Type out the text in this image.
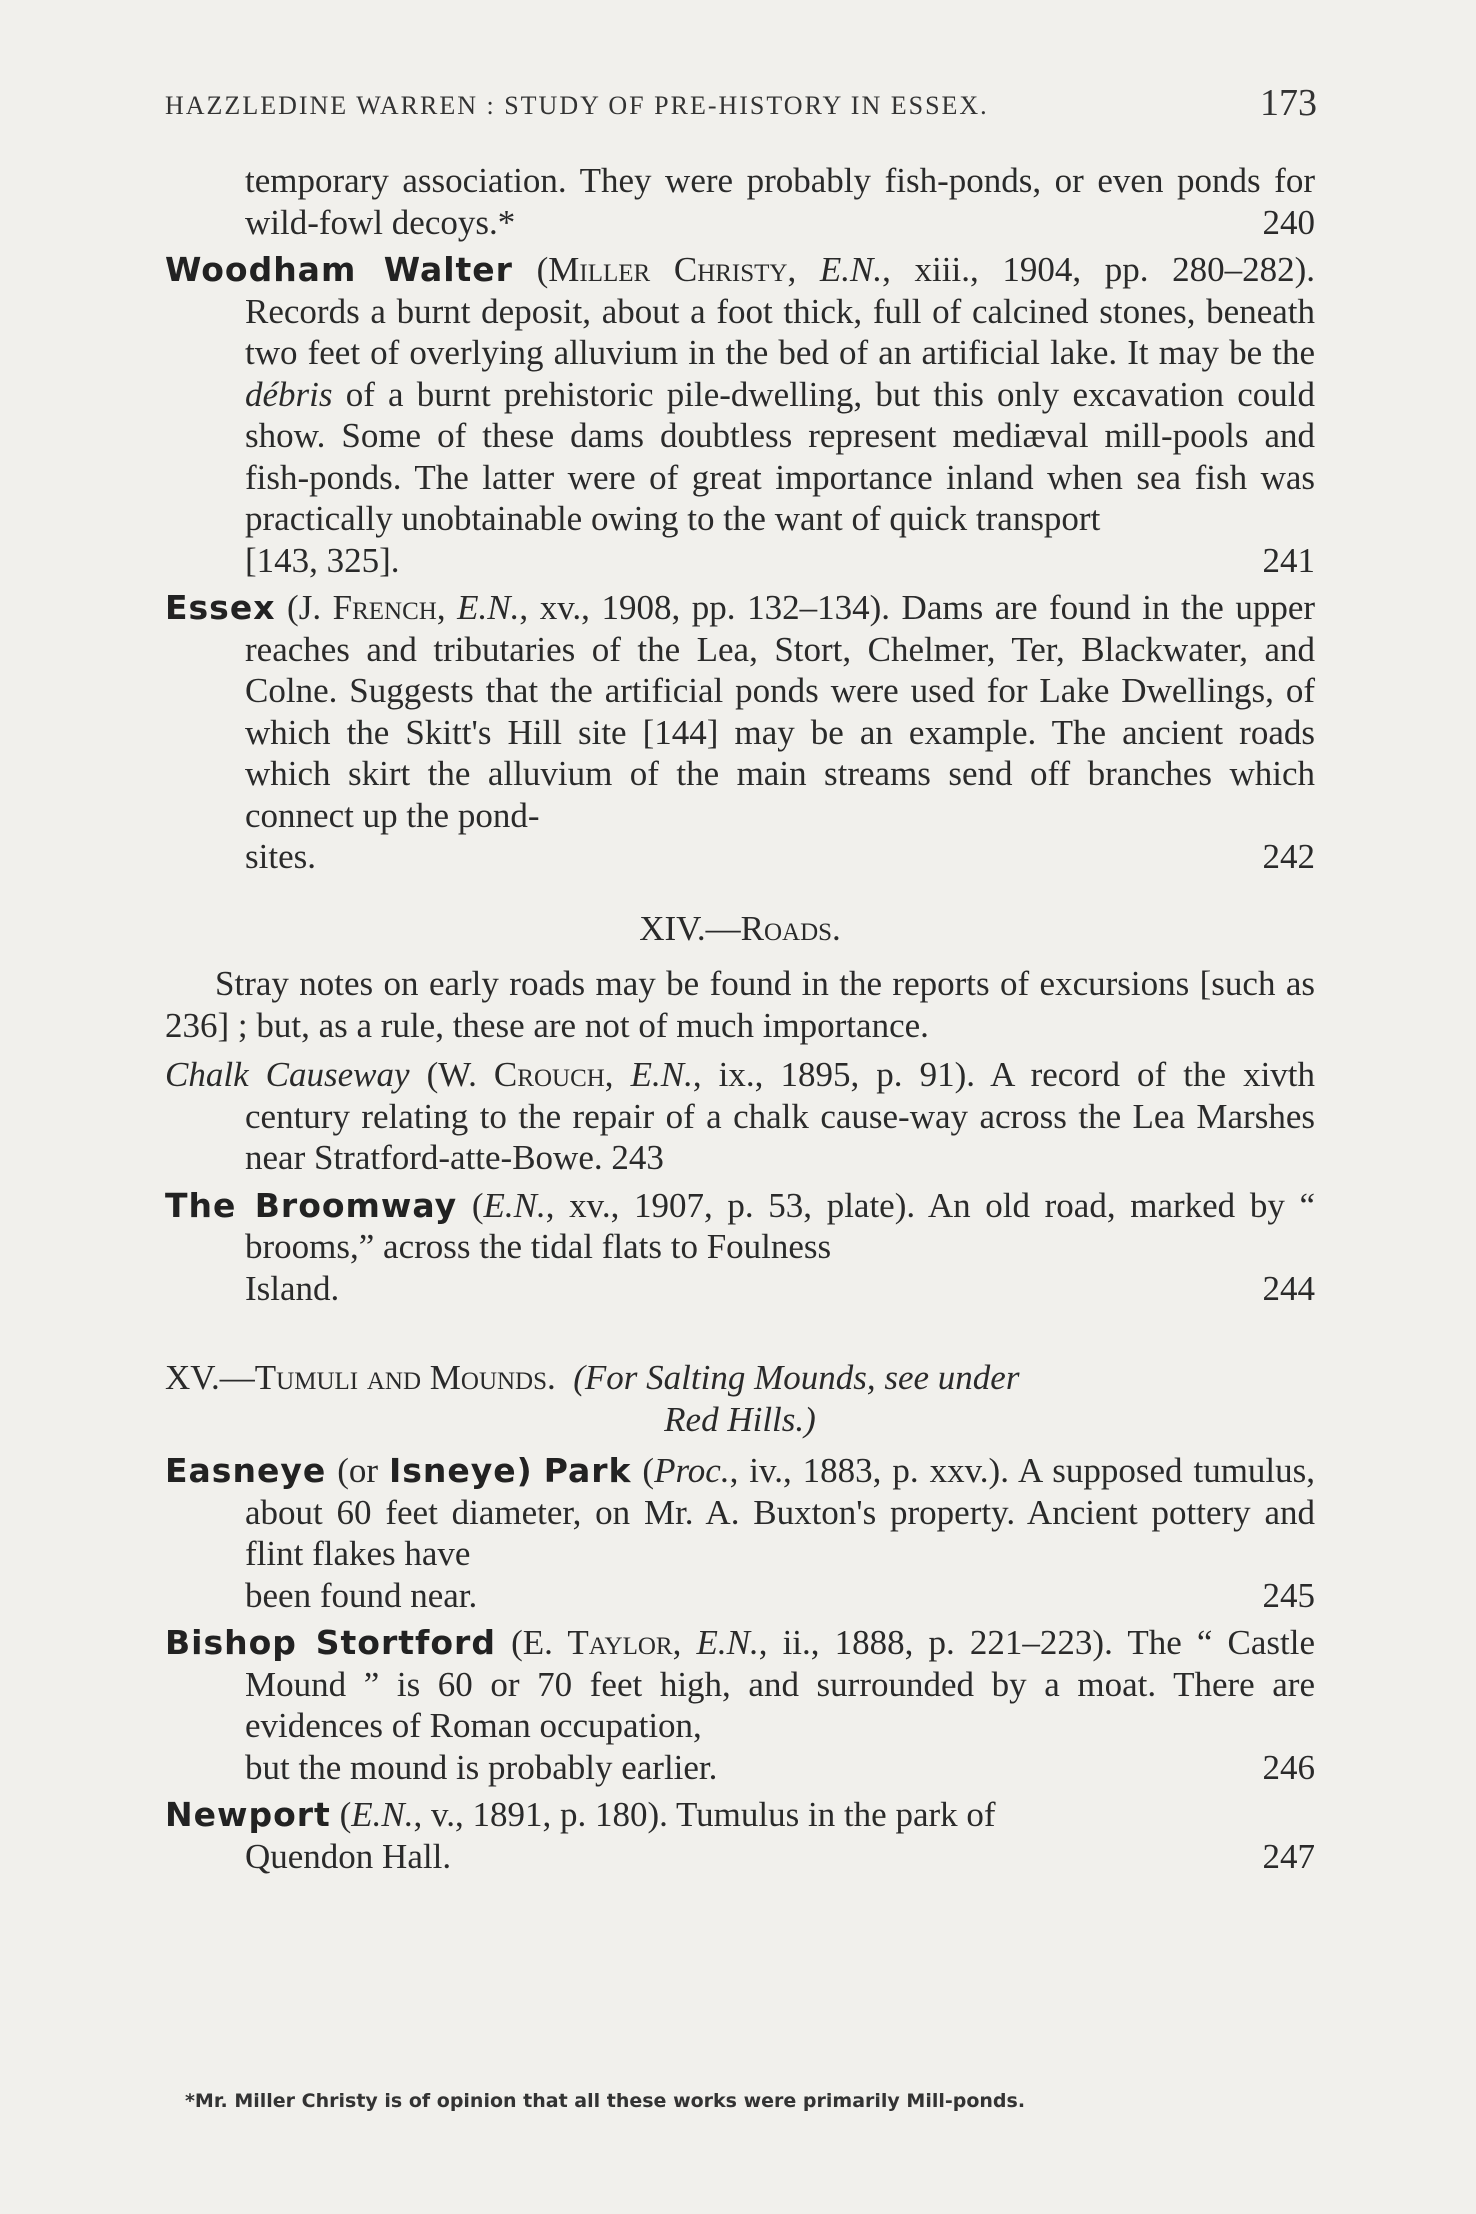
HAZZLEDINE WARREN : STUDY OF PRE-HISTORY IN ESSEX.	173
temporary association. They were probably fish-ponds, or even ponds for wild-fowl decoys.*	240
Woodham Walter (Miller Christy, E.N., xiii., 1904, pp. 280–282). Records a burnt deposit, about a foot thick, full of calcined stones, beneath two feet of overlying alluvium in the bed of an artificial lake. It may be the débris of a burnt prehistoric pile-dwelling, but this only excavation could show. Some of these dams doubtless represent mediæval mill-pools and fish-ponds. The latter were of great importance inland when sea fish was practically unobtainable owing to the want of quick transport
[143, 325].	241
Essex (J. French, E.N., xv., 1908, pp. 132–134). Dams are found in the upper reaches and tributaries of the Lea, Stort, Chelmer, Ter, Blackwater, and Colne. Suggests that the artificial ponds were used for Lake Dwellings, of which the Skitt's Hill site [144] may be an example. The ancient roads which skirt the alluvium of the main streams send off branches which connect up the pond-
sites.	242
XIV.—Roads.
Stray notes on early roads may be found in the reports of excursions [such as 236] ; but, as a rule, these are not of much importance.
Chalk Causeway (W. Crouch, E.N., ix., 1895, p. 91). A record of the xivth century relating to the repair of a chalk cause-way across the Lea Marshes near Stratford-atte-Bowe. 243
The Broomway (E.N., xv., 1907, p. 53, plate). An old road, marked by “ brooms,” across the tidal flats to Foulness
Island.	244
XV.—Tumuli and Mounds. (For Salting Mounds, see under
Red Hills.)
Easneye (or Isneye) Park (Proc., iv., 1883, p. xxv.). A supposed tumulus, about 60 feet diameter, on Mr. A. Buxton's property. Ancient pottery and flint flakes have
been found near.	245
Bishop Stortford (E. Taylor, E.N., ii., 1888, p. 221–223). The “ Castle Mound ” is 60 or 70 feet high, and surrounded by a moat. There are evidences of Roman occupation,
but the mound is probably earlier.	246
Newport (E.N., v., 1891, p. 180). Tumulus in the park of
Quendon Hall.	247
*Mr. Miller Christy is of opinion that all these works were primarily Mill-ponds.
